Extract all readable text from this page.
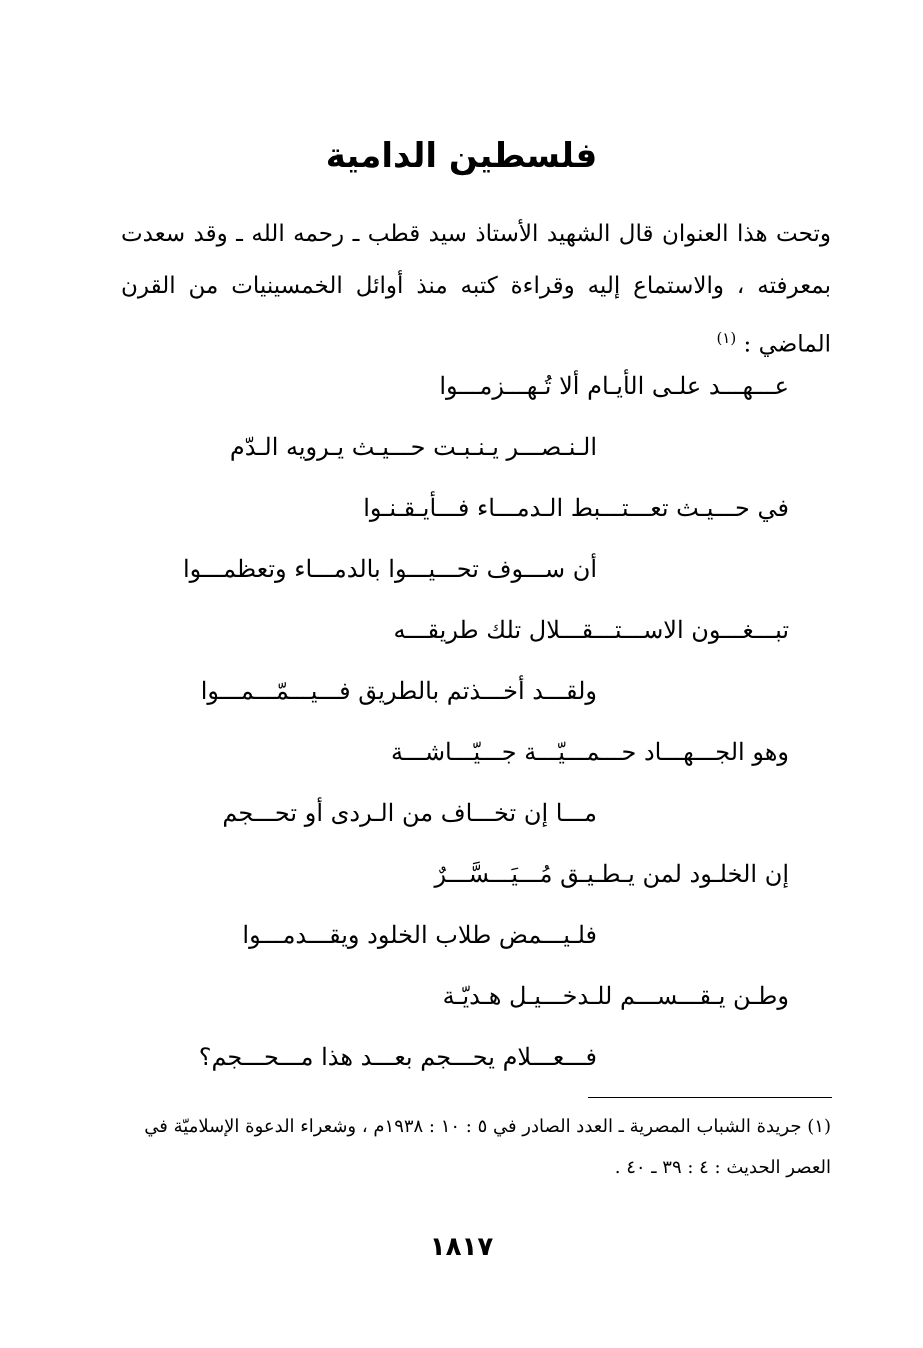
فلسطين الدامية
وتحت هذا العنوان قال الشهيد الأستاذ سيد قطب ـ رحمه الله ـ وقد سعدت بمعرفته ، والاستماع إليه وقراءة كتبه منذ أوائل الخمسينيات من القرن الماضي : $^{(١)}$
عـــهـــد علـى الأيـام ألا تُـهـــزمـــوا
الـنـصـــر يـنـبـت حـــيـث يـرويه الـدّم
في حـــيـث تعـــتـــبط الـدمـــاء فـــأيـقـنـوا
أن ســـوف تحـــيـــوا بالدمـــاء وتعظمـــوا
تبـــغـــون الاســـتـــقـــلال تلك طريقـــه
ولقـــد أخـــذتم بالطريق فـــيـــمّـــمـــوا
وهو الجـــهـــاد حـــمـــيّـــة جـــيّـــاشـــة
مـــا إن تخـــاف من الـردى أو تحـــجم
إن الخلـود لمن يـطـيـق مُـــيَـــسَّـــرٌ
فلـيـــمض طلاب الخلود ويقـــدمـــوا
وطـن يـقـــســـم للـدخـــيـل هـديّـة
فـــعـــلام يحـــجم بعـــد هذا مـــحـــجم؟
(١) جريدة الشباب المصرية ـ العدد الصادر في ٥ : ١٠ : ١٩٣٨م ، وشعراء الدعوة الإسلاميّة في
العصر الحديث : ٤ : ٣٩ ـ ٤٠ .
١٨١٧
